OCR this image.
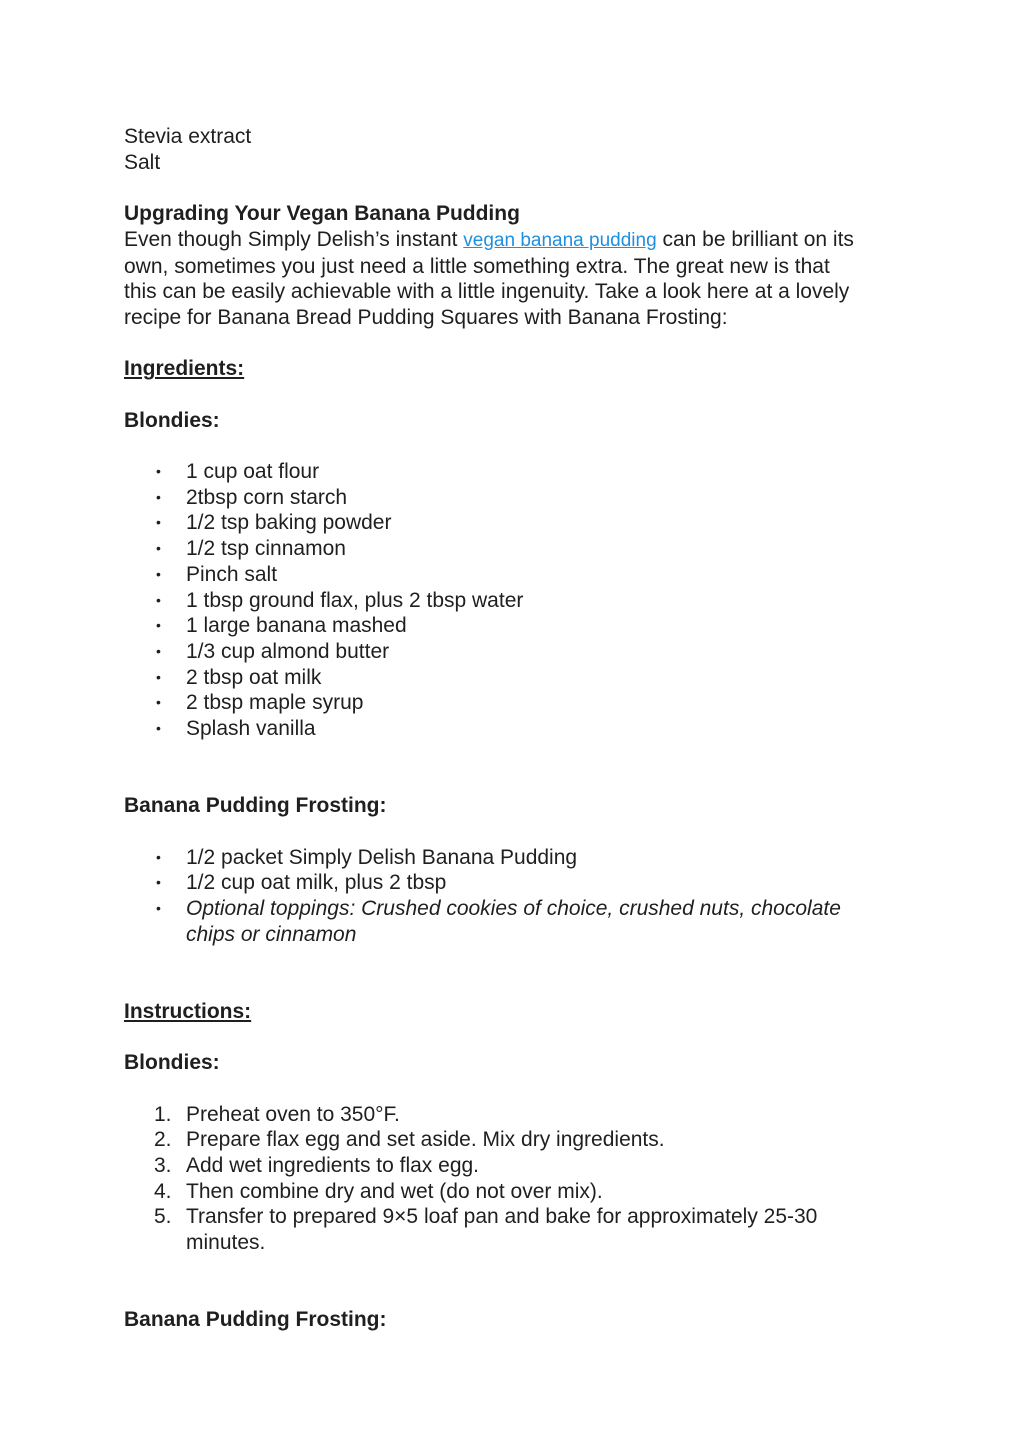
Stevia extract
Salt

Upgrading Your Vegan Banana Pudding
Even though Simply Delish’s instant vegan banana pudding can be brilliant on its
own, sometimes you just need a little something extra. The great new is that
this can be easily achievable with a little ingenuity. Take a look here at a lovely
recipe for Banana Bread Pudding Squares with Banana Frosting:

Ingredients:

Blondies:

• 1 cup oat flour
• 2tbsp corn starch
• 1/2 tsp baking powder
• 1/2 tsp cinnamon
• Pinch salt
• 1 tbsp ground flax, plus 2 tbsp water
• 1 large banana mashed
• 1/3 cup almond butter
• 2 tbsp oat milk
• 2 tbsp maple syrup
• Splash vanilla

Banana Pudding Frosting:

• 1/2 packet Simply Delish Banana Pudding
• 1/2 cup oat milk, plus 2 tbsp
• Optional toppings: Crushed cookies of choice, crushed nuts, chocolate
chips or cinnamon

Instructions:

Blondies:

1. Preheat oven to 350°F.
2. Prepare flax egg and set aside. Mix dry ingredients.
3. Add wet ingredients to flax egg.
4. Then combine dry and wet (do not over mix).
5. Transfer to prepared 9×5 loaf pan and bake for approximately 25-30
minutes.

Banana Pudding Frosting:
